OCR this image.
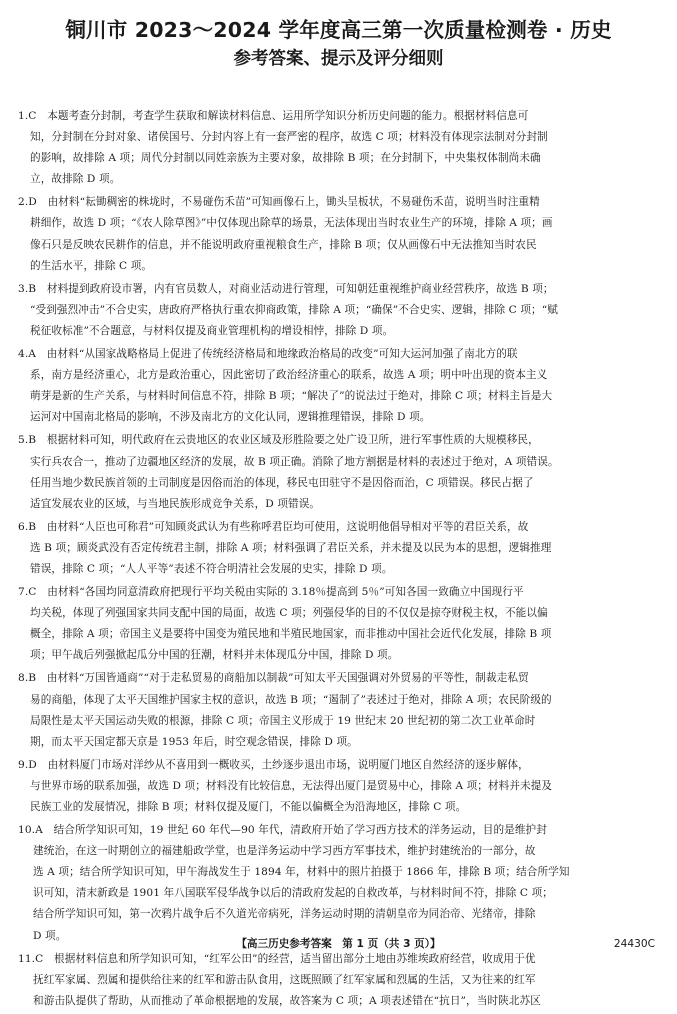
铜川市 2023～2024 学年度高三第一次质量检测卷 · 历史
参考答案、提示及评分细则
1.C　本题考查分封制，考查学生获取和解读材料信息、运用所学知识分析历史问题的能力。根据材料信息可
知，分封制在分封对象、诸侯国号、分封内容上有一套严密的程序，故选 C 项；材料没有体现宗法制对分封制
的影响，故排除 A 项；周代分封制以同姓亲族为主要对象，故排除 B 项；在分封制下，中央集权体制尚未确
立，故排除 D 项。
2.D　由材料“耘锄稠密的株垅时，不易碰伤禾苗”可知画像石上，锄头呈板状，不易碰伤禾苗，说明当时注重精
耕细作，故选 D 项；“《农人除草图》”中仅体现出除草的场景，无法体现出当时农业生产的环境，排除 A 项；画
像石只是反映农民耕作的信息，并不能说明政府重视粮食生产，排除 B 项；仅从画像石中无法推知当时农民
的生活水平，排除 C 项。
3.B　材料提到政府设市署，内有官员数人，对商业活动进行管理，可知朝廷重视维护商业经营秩序，故选 B 项；
“受到强烈冲击”不合史实，唐政府严格执行重农抑商政策，排除 A 项；“确保”不合史实、逻辑，排除 C 项；“赋
税征收标准”不合题意，与材料仅提及商业管理机构的增设相悖，排除 D 项。
4.A　由材料“从国家战略格局上促进了传统经济格局和地缘政治格局的改变”可知大运河加强了南北方的联
系，南方是经济重心，北方是政治重心，因此密切了政治经济重心的联系，故选 A 项；明中叶出现的资本主义
萌芽是新的生产关系，与材料时间信息不符，排除 B 项；“解决了”的说法过于绝对，排除 C 项；材料主旨是大
运河对中国南北格局的影响，不涉及南北方的文化认同，逻辑推理错误，排除 D 项。
5.B　根据材料可知，明代政府在云贵地区的农业区域及形胜险要之处广设卫所，进行军事性质的大规模移民，
实行兵农合一，推动了边疆地区经济的发展，故 B 项正确。消除了地方割据是材料的表述过于绝对，A 项错误。
任用当地少数民族首领的土司制度是因俗而治的体现，移民屯田驻守不是因俗而治，C 项错误。移民占据了
适宜发展农业的区域，与当地民族形成竞争关系，D 项错误。
6.B　由材料“人臣也可称君”可知顾炎武认为有些称呼君臣均可使用，这说明他倡导相对平等的君臣关系，故
选 B 项；顾炎武没有否定传统君主制，排除 A 项；材料强调了君臣关系，并未提及以民为本的思想，逻辑推理
错误，排除 C 项；“人人平等”表述不符合明清社会发展的史实，排除 D 项。
7.C　由材料“各国均同意清政府把现行平均关税由实际的 3.18％提高到 5％”可知各国一致确立中国现行平
均关税，体现了列强国家共同支配中国的局面，故选 C 项；列强侵华的目的不仅仅是掠夺财税主权，不能以偏
概全，排除 A 项；帝国主义是要将中国变为殖民地和半殖民地国家，而非推动中国社会近代化发展，排除 B 项
项；甲午战后列强掀起瓜分中国的狂潮，材料并未体现瓜分中国，排除 D 项。
8.B　由材料“万国皆通商”“对于走私贸易的商船加以制裁”可知太平天国强调对外贸易的平等性，制裁走私贸
易的商船，体现了太平天国维护国家主权的意识，故选 B 项；“遏制了”表述过于绝对，排除 A 项；农民阶级的
局限性是太平天国运动失败的根源，排除 C 项；帝国主义形成于 19 世纪末 20 世纪初的第二次工业革命时
期，而太平天国定都天京是 1953 年后，时空观念错误，排除 D 项。
9.D　由材料厦门市场对洋纱从不喜用到一概收买，土纱逐步退出市场，说明厦门地区自然经济的逐步解体，
与世界市场的联系加强，故选 D 项；材料没有比较信息，无法得出厦门是贸易中心，排除 A 项；材料并未提及
民族工业的发展情况，排除 B 项；材料仅提及厦门，不能以偏概全为沿海地区，排除 C 项。
10.A　结合所学知识可知，19 世纪 60 年代—90 年代，清政府开始了学习西方技术的洋务运动，目的是维护封
建统治，在这一时期创立的福建船政学堂，也是洋务运动中学习西方军事技术，维护封建统治的一部分，故
选 A 项；结合所学知识可知，甲午海战发生于 1894 年，材料中的照片拍摄于 1866 年，排除 B 项；结合所学知
识可知，清末新政是 1901 年八国联军侵华战争以后的清政府发起的自救改革，与材料时间不符，排除 C 项；
结合所学知识可知，第一次鸦片战争后不久道光帝病死，洋务运动时期的清朝皇帝为同治帝、光绪帝，排除
D 项。
11.C　根据材料信息和所学知识可知，“红军公田”的经营，适当留出部分土地由苏维埃政府经营，收成用于优
抚红军家属、烈属和提供给往来的红军和游击队食用，这既照顾了红军家属和烈属的生活，又为往来的红军
和游击队提供了帮助，从而推动了革命根据地的发展，故答案为 C 项；A 项表述错在“抗日”，当时陕北苏区
【高三历史参考答案　第 1 页（共 3 页）】	24430C
